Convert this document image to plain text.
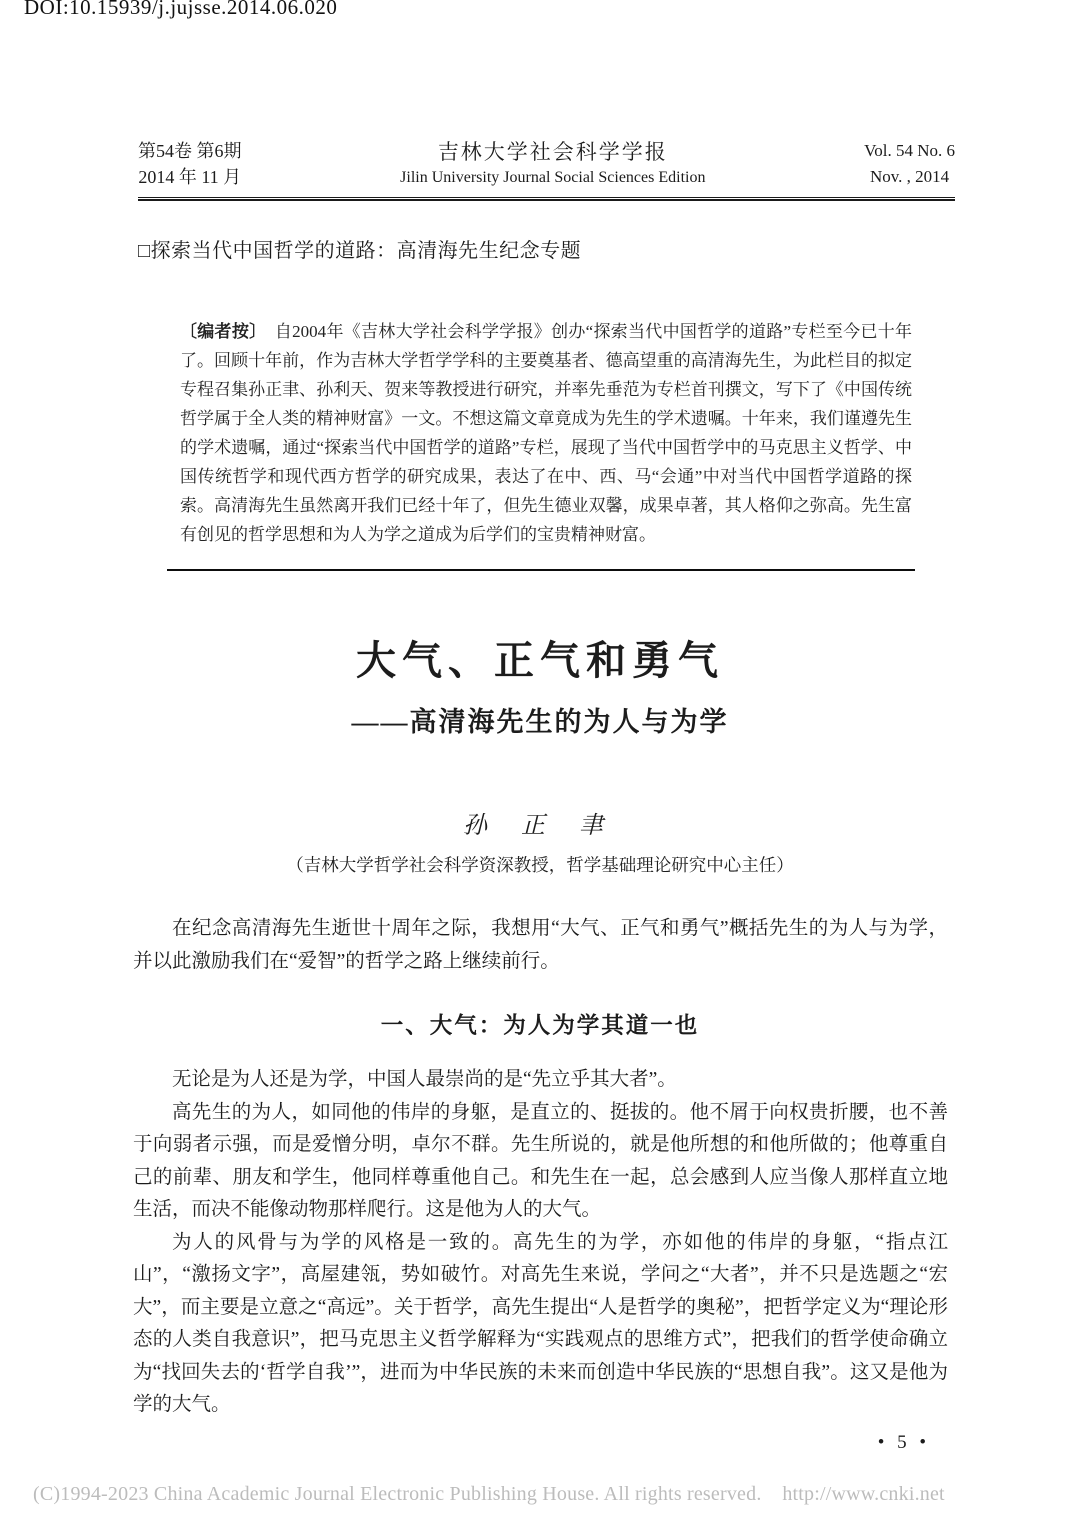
DOI:10.15939/j.jujsse.2014.06.020
第54卷 第6期
2014 年 11 月
吉林大学社会科学学报
Jilin University Journal Social Sciences Edition
Vol. 54 No. 6
Nov. , 2014
□探索当代中国哲学的道路：高清海先生纪念专题
〔编者按〕 自2004年《吉林大学社会科学学报》创办“探索当代中国哲学的道路”专栏至今已十年了。回顾十年前，作为吉林大学哲学学科的主要奠基者、德高望重的高清海先生，为此栏目的拟定专程召集孙正聿、孙利天、贺来等教授进行研究，并率先垂范为专栏首刊撰文，写下了《中国传统哲学属于全人类的精神财富》一文。不想这篇文章竟成为先生的学术遗嘱。十年来，我们谨遵先生的学术遗嘱，通过“探索当代中国哲学的道路”专栏，展现了当代中国哲学中的马克思主义哲学、中国传统哲学和现代西方哲学的研究成果，表达了在中、西、马“会通”中对当代中国哲学道路的探索。高清海先生虽然离开我们已经十年了，但先生德业双馨，成果卓著，其人格仰之弥高。先生富有创见的哲学思想和为人为学之道成为后学们的宝贵精神财富。
大气、正气和勇气
——高清海先生的为人与为学
孙 正 聿
（吉林大学哲学社会科学资深教授，哲学基础理论研究中心主任）

在纪念高清海先生逝世十周年之际，我想用“大气、正气和勇气”概括先生的为人与为学，并以此激励我们在“爱智”的哲学之路上继续前行。

一、大气：为人为学其道一也

无论是为人还是为学，中国人最崇尚的是“先立乎其大者”。

高先生的为人，如同他的伟岸的身躯，是直立的、挺拔的。他不屑于向权贵折腰，也不善于向弱者示强，而是爱憎分明，卓尔不群。先生所说的，就是他所想的和他所做的；他尊重自己的前辈、朋友和学生，他同样尊重他自己。和先生在一起，总会感到人应当像人那样直立地生活，而决不能像动物那样爬行。这是他为人的大气。

为人的风骨与为学的风格是一致的。高先生的为学，亦如他的伟岸的身躯，“指点江山”，“激扬文字”，高屋建瓴，势如破竹。对高先生来说，学问之“大者”，并不只是选题之“宏大”，而主要是立意之“高远”。关于哲学，高先生提出“人是哲学的奥秘”，把哲学定义为“理论形态的人类自我意识”，把马克思主义哲学解释为“实践观点的思维方式”，把我们的哲学使命确立为“找回失去的‘哲学自我’”，进而为中华民族的未来而创造中华民族的“思想自我”。这又是他为学的大气。

• 5 •
(C)1994-2023 China Academic Journal Electronic Publishing House. All rights reserved.    http://www.cnki.net
